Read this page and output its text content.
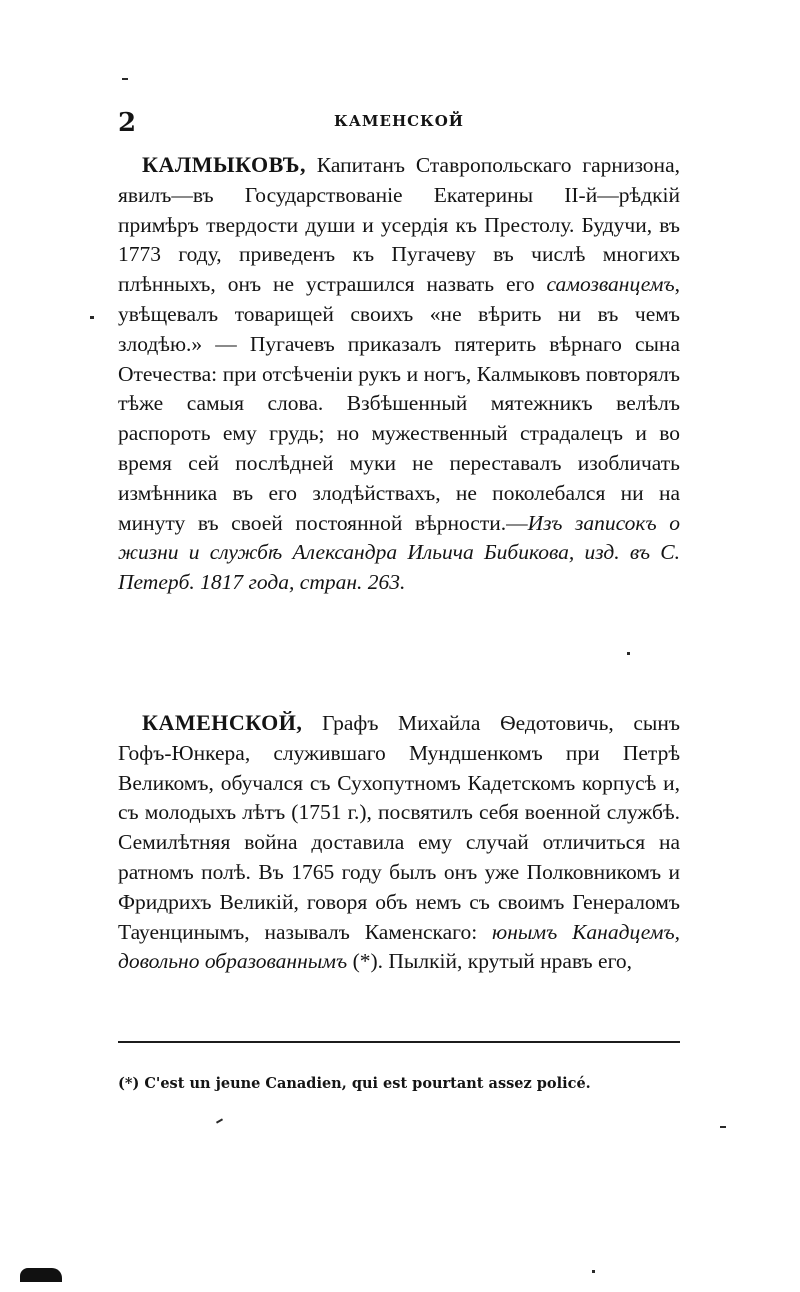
2	КАМЕНСКОЙ

КАЛМЫКОВЪ, Капитанъ Ставропольскаго гарнизона, явилъ—въ Государствованіе Екатерины II-й—рѣдкій примѣръ твердости души и усердія къ Престолу. Будучи, въ 1773 году, приведенъ къ Пугачеву въ числѣ многихъ плѣнныхъ, онъ не устрашился назвать его самозванцемъ, увѣщевалъ товарищей своихъ «не вѣрить ни въ чемъ злодѣю.» — Пугачевъ приказалъ пятерить вѣрнаго сына Отечества: при отсѣченіи рукъ и ногъ, Калмыковъ повторялъ тѣже самыя слова. Взбѣшенный мятежникъ велѣлъ распороть ему грудь; но мужественный страдалецъ и во время сей послѣдней муки не переставалъ изобличать измѣнника въ его злодѣйствахъ, не поколебался ни на минуту въ своей постоянной вѣрности.—Изъ записокъ о жизни и службѣ Александра Ильича Бибикова, изд. въ С. Петерб. 1817 года, стран. 263.

КАМЕНСКОЙ, Графъ Михайла Ѳедотовичь, сынъ Гофъ-Юнкера, служившаго Мундшенкомъ при Петрѣ Великомъ, обучался съ Сухопутномъ Кадетскомъ корпусѣ и, съ молодыхъ лѣтъ (1751 г.), посвятилъ себя военной службѣ. Семилѣтняя война доставила ему случай отличиться на ратномъ полѣ. Въ 1765 году былъ онъ уже Полковникомъ и Фридрихъ Великій, говоря объ немъ съ своимъ Генераломъ Тауенцинымъ, называлъ Каменскаго: юнымъ Канадцемъ, довольно образованнымъ (*). Пылкій, крутый нравъ его,

(*) C'est un jeune Canadien, qui est pourtant assez policé.
